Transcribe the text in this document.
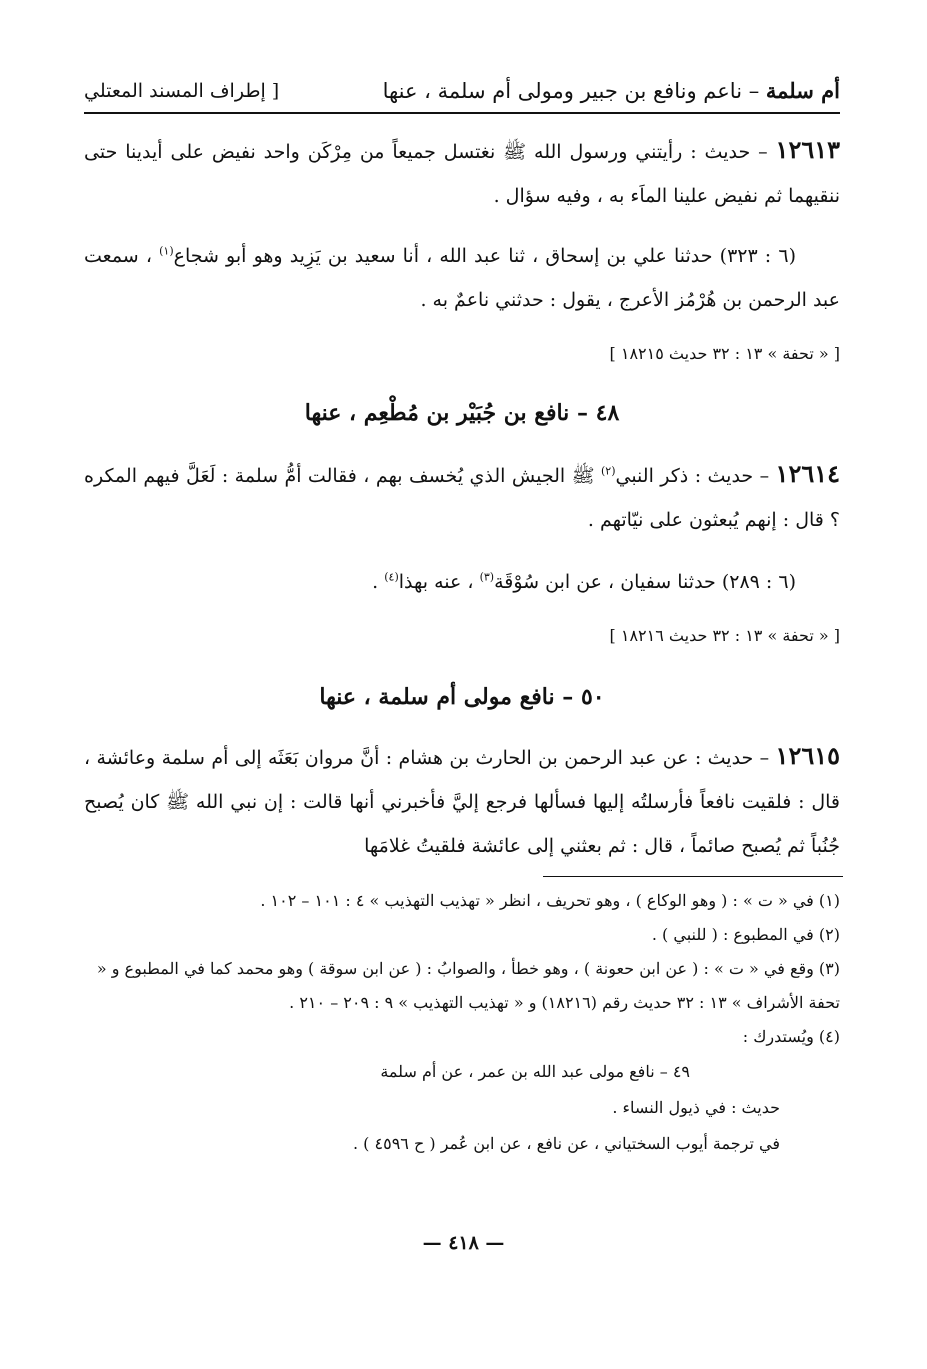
أم سلمة – ناعم ونافع بن جبير ومولى أم سلمة ، عنها
[ إطراف المسند المعتلي
١٢٦١٣ – حديث : رأيتني ورسول الله ﷺ نغتسل جميعاً من مِرْكَن واحد نفيض على أيدينا حتى ننقيهما ثم نفيض علينا الماَء به ، وفيه سؤال .
(٦ : ٣٢٣) حدثنا علي بن إسحاق ، ثنا عبد الله ، أنا سعيد بن يَزِيد وهو أبو شجاع$^{(١)}$ ، سمعت عبد الرحمن بن هُرْمُز الأعرج ، يقول : حدثني ناعمٌ به .
[ « تحفة » ١٣ : ٣٢ حديث ١٨٢١٥ ]
٤٨ – نافع بن جُبَيْر بن مُطْعِم ، عنها
١٢٦١٤ – حديث : ذكر النبي$^{(٢)}$ ﷺ الجيش الذي يُخسف بهم ، فقالت أمُّ سلمة : لَعَلَّ فيهم المكره ؟ قال : إنهم يُبعثون على نيّاتهم .
(٦ : ٢٨٩) حدثنا سفيان ، عن ابن سُوْقَة$^{(٣)}$ ، عنه بهذا$^{(٤)}$ .
[ « تحفة » ١٣ : ٣٢ حديث ١٨٢١٦ ]
٥٠ – نافع مولى أم سلمة ، عنها
١٢٦١٥ – حديث : عن عبد الرحمن بن الحارث بن هشام : أنَّ مروان بَعَثَه إلى أم سلمة وعائشة ، قال : فلقيت نافعاً فأرسلتُه إليها فسألها فرجع إليَّ فأخبرني أنها قالت : إن نبي الله ﷺ كان يُصبح جُنُباً ثم يُصبح صائماً ، قال : ثم بعثني إلى عائشة فلقيتُ غلامَها

(١) في « ت » : ( وهو الوكاع ) ، وهو تحريف ، انظر « تهذيب التهذيب » ٤ : ١٠١ – ١٠٢ .

(٢) في المطبوع : ( للنبي ) .

(٣) وقع في « ت » : ( عن ابن حعونة ) ، وهو خطأ ، والصوابُ : ( عن ابن سوقة ) وهو محمد كما في المطبوع و « تحفة الأشراف » ١٣ : ٣٢ حديث رقم (١٨٢١٦) و « تهذيب التهذيب » ٩ : ٢٠٩ – ٢١٠ .

(٤) ويُستدرك :

٤٩ – نافع مولى عبد الله بن عمر ، عن أم سلمة
حديث : في ذيول النساء .
في ترجمة أيوب السختياني ، عن نافع ، عن ابن عُمر ( ح ٤٥٩٦ ) .
— ٤١٨ —
